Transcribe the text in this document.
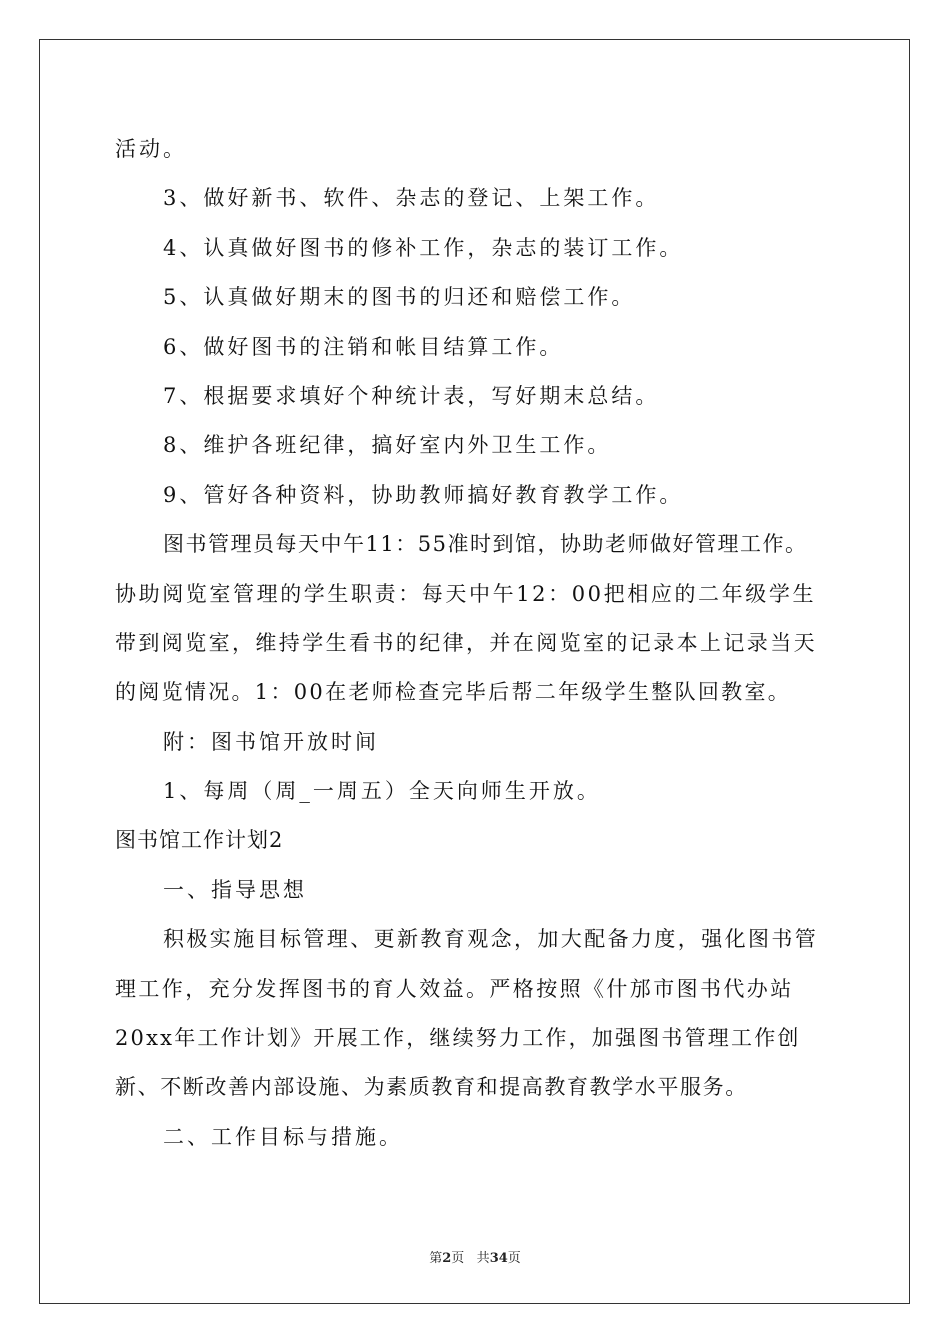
活动。
3、做好新书、软件、杂志的登记、上架工作。
4、认真做好图书的修补工作，杂志的装订工作。
5、认真做好期末的图书的归还和赔偿工作。
6、做好图书的注销和帐目结算工作。
7、根据要求填好个种统计表，写好期末总结。
8、维护各班纪律，搞好室内外卫生工作。
9、管好各种资料，协助教师搞好教育教学工作。
图书管理员每天中午11：55准时到馆，协助老师做好管理工作。
协助阅览室管理的学生职责：每天中午12：00把相应的二年级学生
带到阅览室，维持学生看书的纪律，并在阅览室的记录本上记录当天
的阅览情况。1：00在老师检查完毕后帮二年级学生整队回教室。
附：图书馆开放时间
1、每周（周_一周五）全天向师生开放。
图书馆工作计划2
一、指导思想
积极实施目标管理、更新教育观念，加大配备力度，强化图书管
理工作，充分发挥图书的育人效益。严格按照《什邡市图书代办站
20xx年工作计划》开展工作，继续努力工作，加强图书管理工作创
新、不断改善内部设施、为素质教育和提高教育教学水平服务。
二、工作目标与措施。
第2页 共34页
